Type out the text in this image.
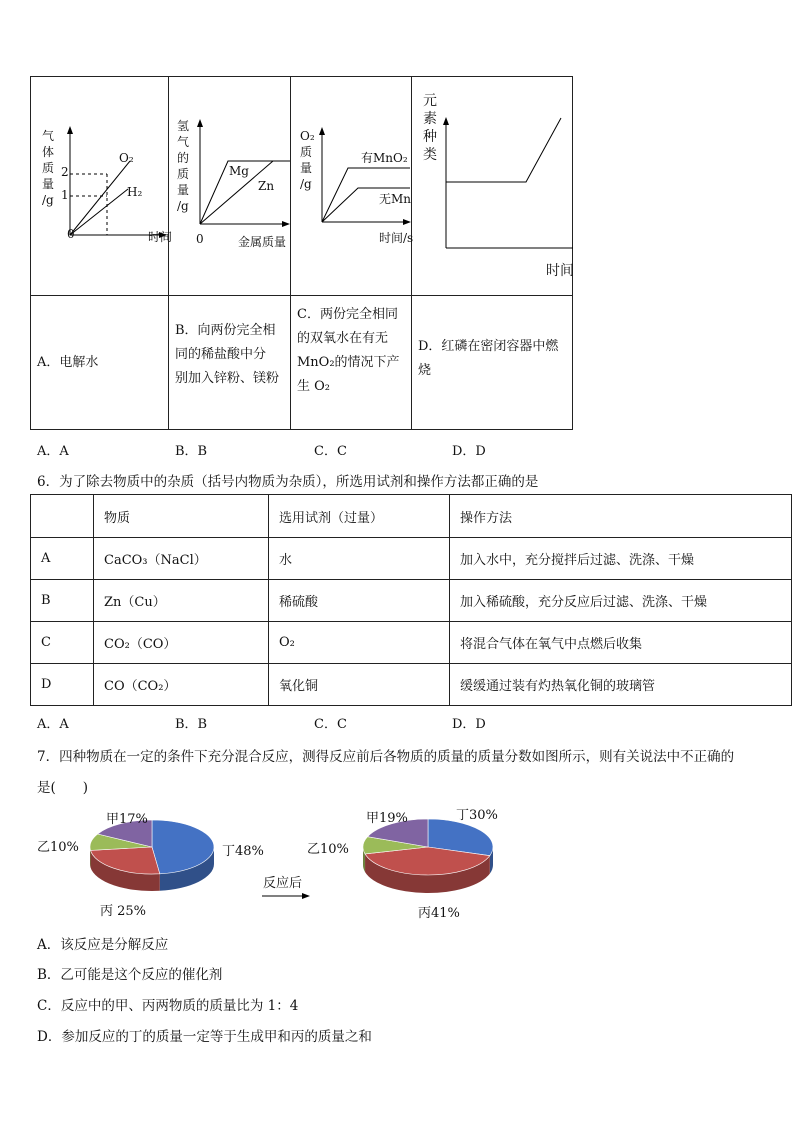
气
体
质
量
/g
2
1
0
O₂
H₂
时间
氢
气
的
质
量
/g
0
Mg
Zn
金属质量
O₂
质
量
/g
有MnO₂
无Mn
时间/s
元
素
种
类
时间
A．电解水
B．向两份完全相
同的稀盐酸中分
别加入锌粉、镁粉
C．两份完全相同
的双氧水在有无
MnO₂的情况下产
生 O₂
D．红磷在密闭容器中燃
烧
A．A	B．B	C．C	D．D
6．为了除去物质中的杂质（括号内物质为杂质），所选用试剂和操作方法都正确的是
	物质	选用试剂（过量）	操作方法
A	CaCO₃（NaCl）	水	加入水中，充分搅拌后过滤、洗涤、干燥
B	Zn（Cu）	稀硫酸	加入稀硫酸，充分反应后过滤、洗涤、干燥
C	CO₂（CO）	O₂	将混合气体在氧气中点燃后收集
D	CO（CO₂）	氧化铜	缓缓通过装有灼热氧化铜的玻璃管
A．A	B．B	C．C	D．D
7．四种物质在一定的条件下充分混合反应，测得反应前后各物质的质量的质量分数如图所示，则有关说法中不正确的
是(　　)
甲17%
乙10%	丁48%
丙 25%
反应后
甲19%
乙10%
丁30%
丙41%
A．该反应是分解反应
B．乙可能是这个反应的催化剂
C．反应中的甲、丙两物质的质量比为 1：4
D．参加反应的丁的质量一定等于生成甲和丙的质量之和
